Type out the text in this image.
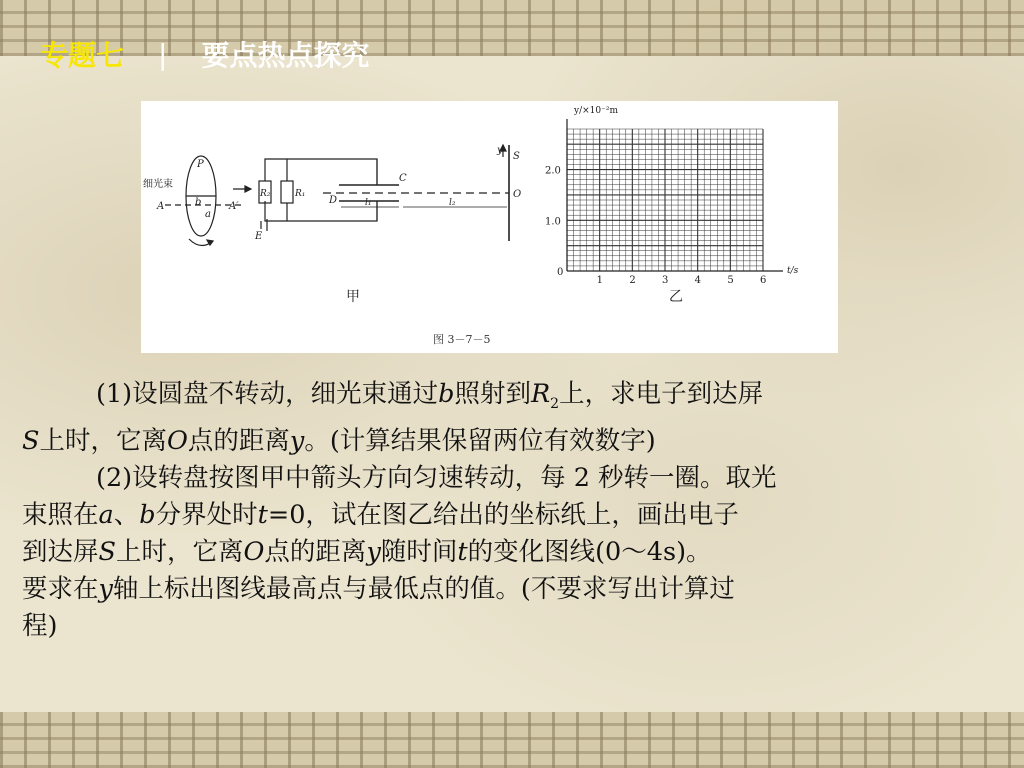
专题七 | 要点热点探究
细光束
A	A′
P
b
a
R₂	R₁
C
D
E
l₁	l₂
y
S
O
甲
y/×10⁻²m
t/s
1	2	3	4	5	6
0
1.0
2.0
乙
图 3－7－5

(1)设圆盘不转动，细光束通过b照射到$R_2$上，求电子到达屏

S上时，它离O点的距离y。(计算结果保留两位有效数字)

(2)设转盘按图甲中箭头方向匀速转动，每 2 秒转一圈。取光

束照在a、b分界处时t=0，试在图乙给出的坐标纸上，画出电子

到达屏S上时，它离O点的距离y随时间t的变化图线(0～4s)。

要求在y轴上标出图线最高点与最低点的值。(不要求写出计算过

程)
